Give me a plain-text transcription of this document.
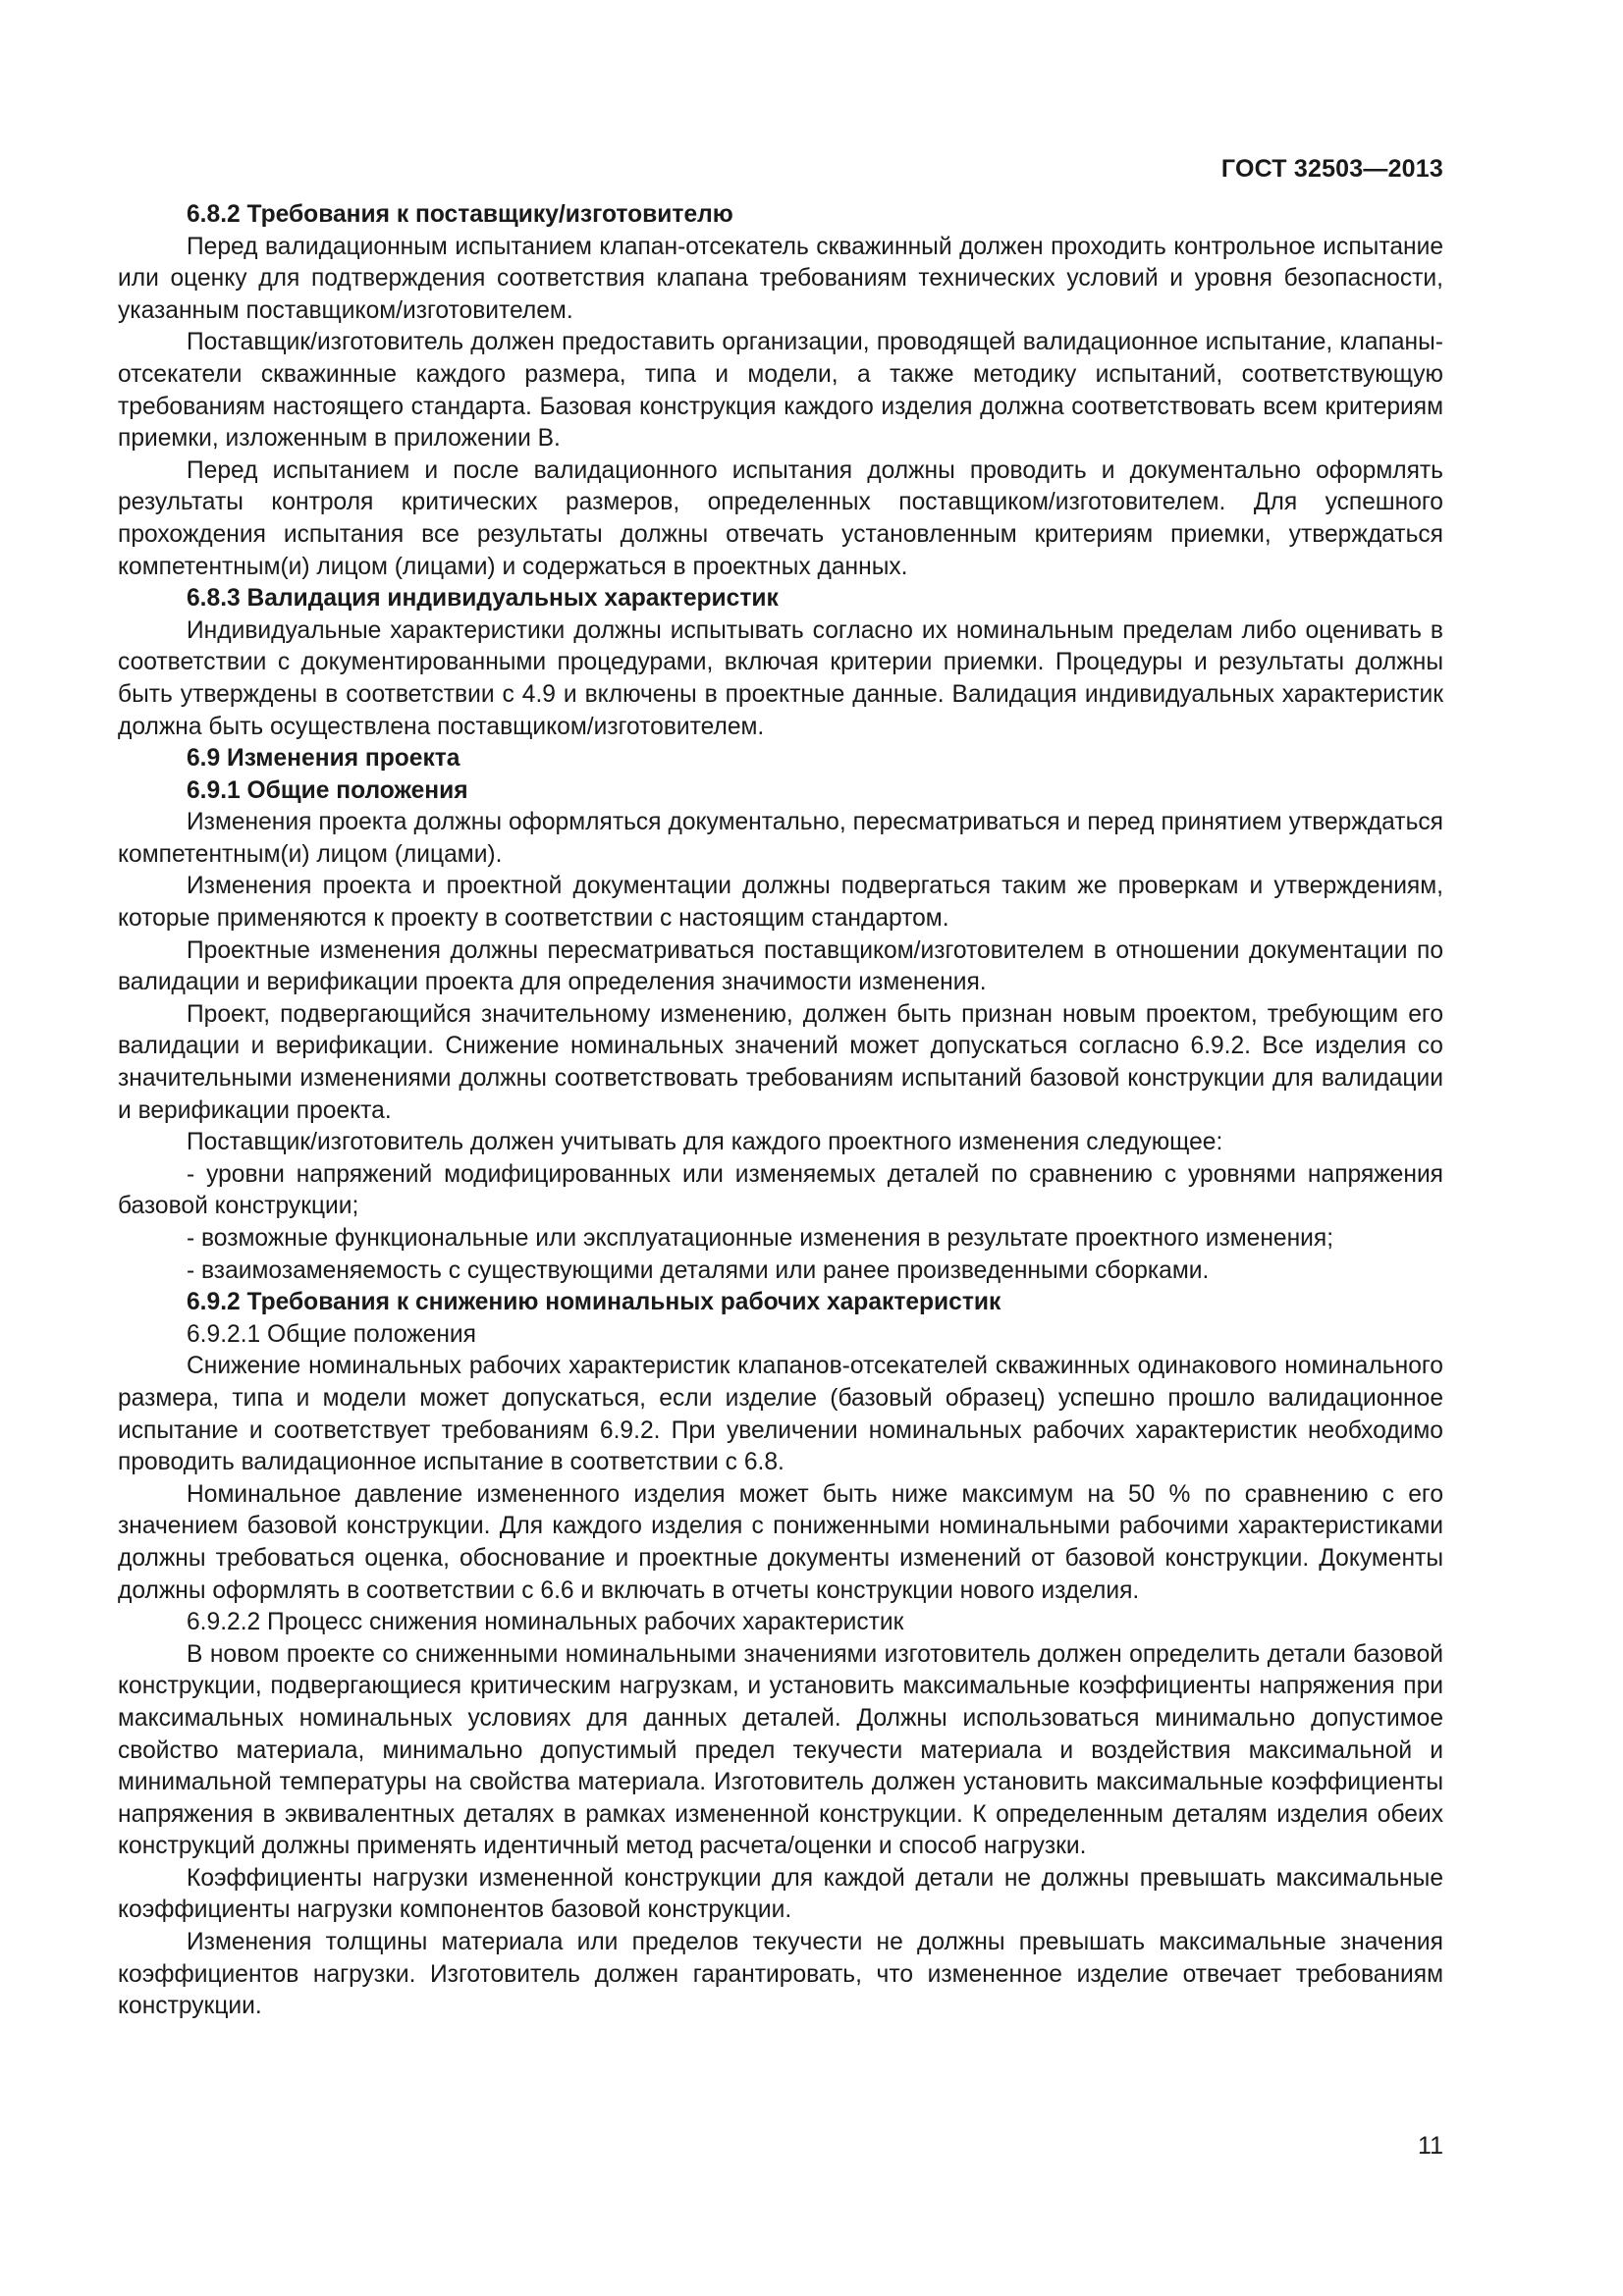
ГОСТ 32503—2013

6.8.2 Требования к поставщику/изготовителю

Перед валидационным испытанием клапан-отсекатель скважинный должен проходить контрольное испытание или оценку для подтверждения соответствия клапана требованиям технических условий и уровня безопасности, указанным поставщиком/изготовителем.

Поставщик/изготовитель должен предоставить организации, проводящей валидационное испытание, клапаны-отсекатели скважинные каждого размера, типа и модели, а также методику испытаний, соответствующую требованиям настоящего стандарта. Базовая конструкция каждого изделия должна соответствовать всем критериям приемки, изложенным в приложении В.

Перед испытанием и после валидационного испытания должны проводить и документально оформлять результаты контроля критических размеров, определенных поставщиком/изготовителем. Для успешного прохождения испытания все результаты должны отвечать установленным критериям приемки, утверждаться компетентным(и) лицом (лицами) и содержаться в проектных данных.

6.8.3 Валидация индивидуальных характеристик

Индивидуальные характеристики должны испытывать согласно их номинальным пределам либо оценивать в соответствии с документированными процедурами, включая критерии приемки. Процедуры и результаты должны быть утверждены в соответствии с 4.9 и включены в проектные данные. Валидация индивидуальных характеристик должна быть осуществлена поставщиком/изготовителем.

6.9 Изменения проекта

6.9.1 Общие положения

Изменения проекта должны оформляться документально, пересматриваться и перед принятием утверждаться компетентным(и) лицом (лицами).

Изменения проекта и проектной документации должны подвергаться таким же проверкам и утверждениям, которые применяются к проекту в соответствии с настоящим стандартом.

Проектные изменения должны пересматриваться поставщиком/изготовителем в отношении документации по валидации и верификации проекта для определения значимости изменения.

Проект, подвергающийся значительному изменению, должен быть признан новым проектом, требующим его валидации и верификации. Снижение номинальных значений может допускаться согласно 6.9.2. Все изделия со значительными изменениями должны соответствовать требованиям испытаний базовой конструкции для валидации и верификации проекта.

Поставщик/изготовитель должен учитывать для каждого проектного изменения следующее:

- уровни напряжений модифицированных или изменяемых деталей по сравнению с уровнями напряжения базовой конструкции;

- возможные функциональные или эксплуатационные изменения в результате проектного изменения;

- взаимозаменяемость с существующими деталями или ранее произведенными сборками.

6.9.2 Требования к снижению номинальных рабочих характеристик

6.9.2.1 Общие положения

Снижение номинальных рабочих характеристик клапанов-отсекателей скважинных одинакового номинального размера, типа и модели может допускаться, если изделие (базовый образец) успешно прошло валидационное испытание и соответствует требованиям 6.9.2. При увеличении номинальных рабочих характеристик необходимо проводить валидационное испытание в соответствии с 6.8.

Номинальное давление измененного изделия может быть ниже максимум на 50 % по сравнению с его значением базовой конструкции. Для каждого изделия с пониженными номинальными рабочими характеристиками должны требоваться оценка, обоснование и проектные документы изменений от базовой конструкции. Документы должны оформлять в соответствии с 6.6 и включать в отчеты конструкции нового изделия.

6.9.2.2 Процесс снижения номинальных рабочих характеристик

В новом проекте со сниженными номинальными значениями изготовитель должен определить детали базовой конструкции, подвергающиеся критическим нагрузкам, и установить максимальные коэффициенты напряжения при максимальных номинальных условиях для данных деталей. Должны использоваться минимально допустимое свойство материала, минимально допустимый предел текучести материала и воздействия максимальной и минимальной температуры на свойства материала. Изготовитель должен установить максимальные коэффициенты напряжения в эквивалентных деталях в рамках измененной конструкции. К определенным деталям изделия обеих конструкций должны применять идентичный метод расчета/оценки и способ нагрузки.

Коэффициенты нагрузки измененной конструкции для каждой детали не должны превышать максимальные коэффициенты нагрузки компонентов базовой конструкции.

Изменения толщины материала или пределов текучести не должны превышать максимальные значения коэффициентов нагрузки. Изготовитель должен гарантировать, что измененное изделие отвечает требованиям конструкции.

11
